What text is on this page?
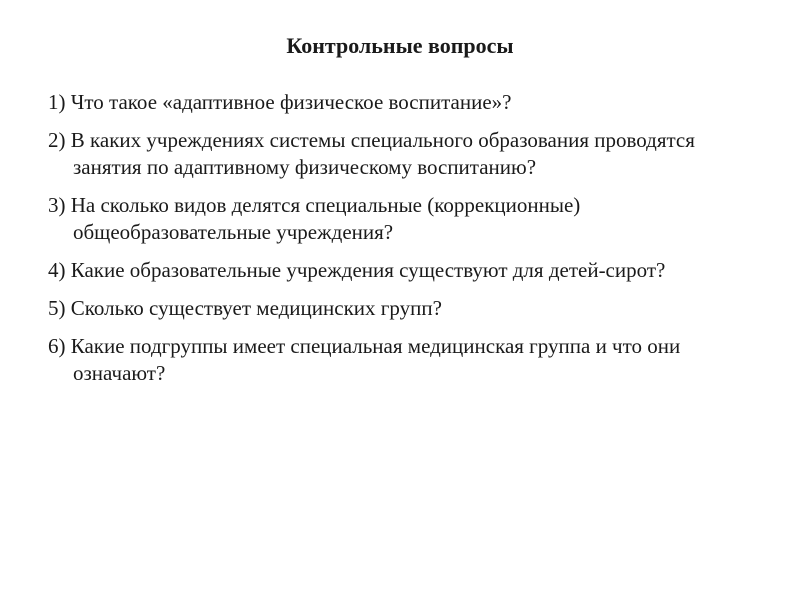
Контрольные вопросы
1) Что такое «адаптивное физическое воспитание»?
2) В каких учреждениях системы специального образования проводятся занятия по адаптивному физическому воспитанию?
3) На сколько видов делятся специальные (коррекционные) общеобразовательные учреждения?
4) Какие образовательные учреждения существуют для детей-сирот?
5) Сколько существует медицинских групп?
6) Какие подгруппы имеет специальная медицинская группа и что они означают?
